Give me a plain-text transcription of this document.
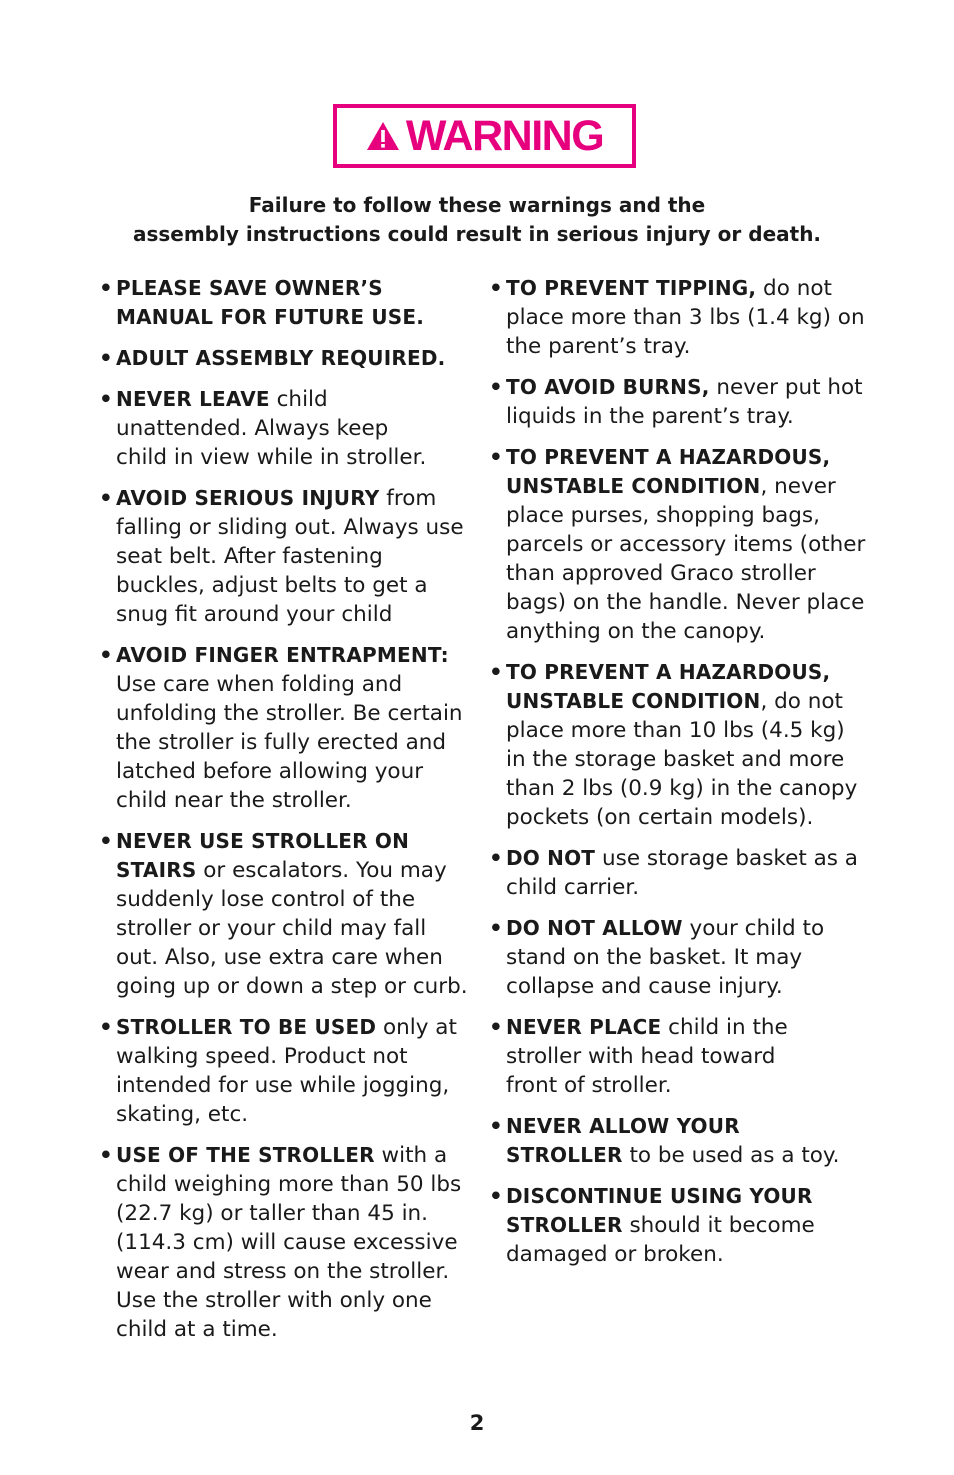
WARNING
Failure to follow these warnings and the
assembly instructions could result in serious injury or death.
• PLEASE SAVE OWNER’S MANUAL FOR FUTURE USE.
• ADULT ASSEMBLY REQUIRED.
• NEVER LEAVE child unattended. Always keep child in view while in stroller.
• AVOID SERIOUS INJURY from falling or sliding out. Always use seat belt. After fastening buckles, adjust belts to get a snug fit around your child
• AVOID FINGER ENTRAPMENT: Use care when folding and unfolding the stroller. Be certain the stroller is fully erected and latched before allowing your child near the stroller.
• NEVER USE STROLLER ON STAIRS or escalators. You may suddenly lose control of the stroller or your child may fall out. Also, use extra care when going up or down a step or curb.
• STROLLER TO BE USED only at walking speed. Product not intended for use while jogging, skating, etc.
• USE OF THE STROLLER with a child weighing more than 50 lbs (22.7 kg) or taller than 45 in. (114.3 cm) will cause excessive wear and stress on the stroller. Use the stroller with only one child at a time.
• TO PREVENT TIPPING, do not place more than 3 lbs (1.4 kg) on the parent’s tray.
• TO AVOID BURNS, never put hot liquids in the parent’s tray.
• TO PREVENT A HAZARDOUS, UNSTABLE CONDITION, never place purses, shopping bags, parcels or accessory items (other than approved Graco stroller bags) on the handle. Never place anything on the canopy.
• TO PREVENT A HAZARDOUS, UNSTABLE CONDITION, do not place more than 10 lbs (4.5 kg) in the storage basket and more than 2 lbs (0.9 kg) in the canopy pockets (on certain models).
• DO NOT use storage basket as a child carrier.
• DO NOT ALLOW your child to stand on the basket. It may collapse and cause injury.
• NEVER PLACE child in the stroller with head toward front of stroller.
• NEVER ALLOW YOUR STROLLER to be used as a toy.
• DISCONTINUE USING YOUR STROLLER should it become damaged or broken.
2
